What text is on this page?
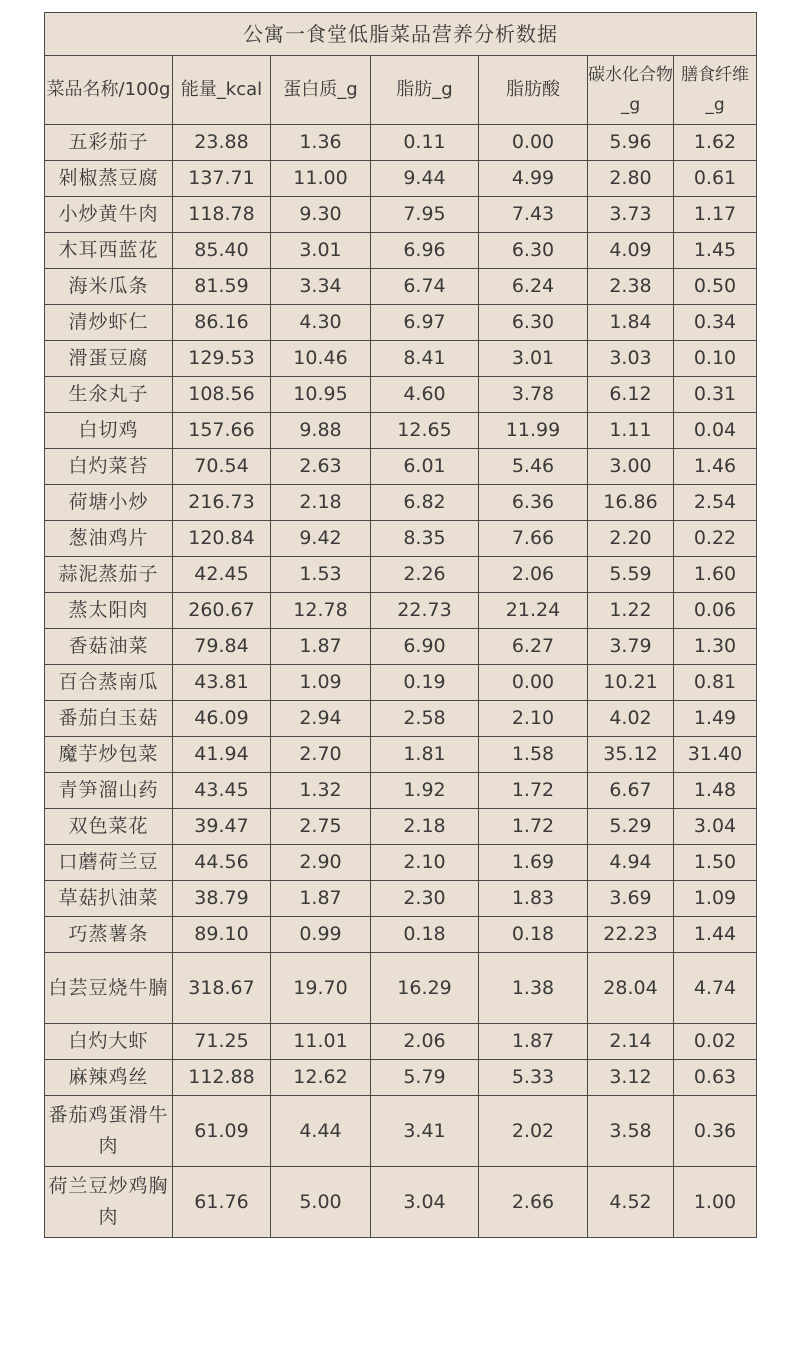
公寓一食堂低脂菜品营养分析数据						
菜品名称/100g	能量_kcal	蛋白质_g	脂肪_g	脂肪酸	碳水化合物_g	膳食纤维_g
五彩茄子	23.88	1.36	0.11	0.00	5.96	1.62
剁椒蒸豆腐	137.71	11.00	9.44	4.99	2.80	0.61
小炒黄牛肉	118.78	9.30	7.95	7.43	3.73	1.17
木耳西蓝花	85.40	3.01	6.96	6.30	4.09	1.45
海米瓜条	81.59	3.34	6.74	6.24	2.38	0.50
清炒虾仁	86.16	4.30	6.97	6.30	1.84	0.34
滑蛋豆腐	129.53	10.46	8.41	3.01	3.03	0.10
生氽丸子	108.56	10.95	4.60	3.78	6.12	0.31
白切鸡	157.66	9.88	12.65	11.99	1.11	0.04
白灼菜苔	70.54	2.63	6.01	5.46	3.00	1.46
荷塘小炒	216.73	2.18	6.82	6.36	16.86	2.54
葱油鸡片	120.84	9.42	8.35	7.66	2.20	0.22
蒜泥蒸茄子	42.45	1.53	2.26	2.06	5.59	1.60
蒸太阳肉	260.67	12.78	22.73	21.24	1.22	0.06
香菇油菜	79.84	1.87	6.90	6.27	3.79	1.30
百合蒸南瓜	43.81	1.09	0.19	0.00	10.21	0.81
番茄白玉菇	46.09	2.94	2.58	2.10	4.02	1.49
魔芋炒包菜	41.94	2.70	1.81	1.58	35.12	31.40
青笋溜山药	43.45	1.32	1.92	1.72	6.67	1.48
双色菜花	39.47	2.75	2.18	1.72	5.29	3.04
口蘑荷兰豆	44.56	2.90	2.10	1.69	4.94	1.50
草菇扒油菜	38.79	1.87	2.30	1.83	3.69	1.09
巧蒸薯条	89.10	0.99	0.18	0.18	22.23	1.44
白芸豆烧牛腩	318.67	19.70	16.29	1.38	28.04	4.74
白灼大虾	71.25	11.01	2.06	1.87	2.14	0.02
麻辣鸡丝	112.88	12.62	5.79	5.33	3.12	0.63
番茄鸡蛋滑牛肉	61.09	4.44	3.41	2.02	3.58	0.36
荷兰豆炒鸡胸肉	61.76	5.00	3.04	2.66	4.52	1.00
